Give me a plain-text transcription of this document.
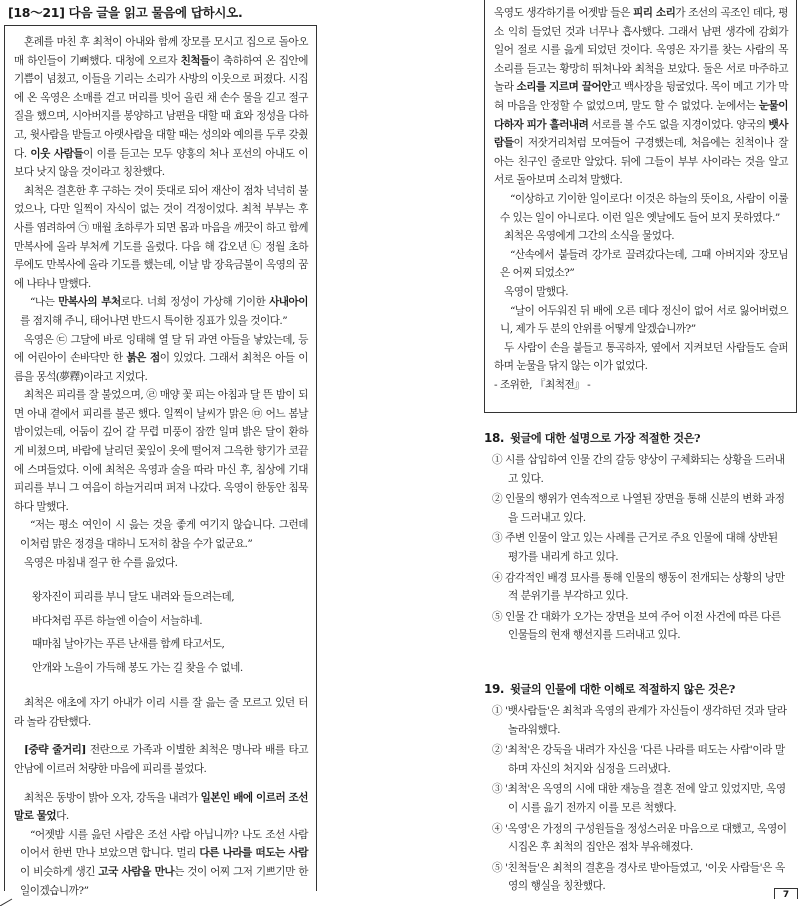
[18～21] 다음 글을 읽고 물음에 답하시오.

혼례를 마친 후 최척이 아내와 함께 장모를 모시고 집으로 돌아오매 하인들이 기뻐했다. 대청에 오르자 친척들이 축하하여 온 집안에 기쁨이 넘쳤고, 이들을 기리는 소리가 사방의 이웃으로 퍼졌다. 시집에 온 옥영은 소매를 걷고 머리를 빗어 올린 채 손수 물을 긷고 절구질을 했으며, 시아버지를 봉양하고 남편을 대할 때 효와 정성을 다하고, 윗사람을 받들고 아랫사람을 대할 때는 성의와 예의를 두루 갖췄다. 이웃 사람들이 이를 듣고는 모두 양홍의 처나 포선의 아내도 이보다 낫지 않을 것이라고 칭찬했다.

최척은 결혼한 후 구하는 것이 뜻대로 되어 재산이 점차 넉넉히 불었으나, 다만 일찍이 자식이 없는 것이 걱정이었다. 최척 부부는 후사를 염려하여 ㉠ 매월 초하루가 되면 몸과 마음을 깨끗이 하고 함께 만복사에 올라 부처께 기도를 올렸다. 다음 해 갑오년 ㉡ 정월 초하루에도 만복사에 올라 기도를 했는데, 이날 밤 장육금불이 옥영의 꿈에 나타나 말했다.

“나는 만복사의 부처로다. 너희 정성이 가상해 기이한 사내아이를 점지해 주니, 태어나면 반드시 특이한 징표가 있을 것이다.”

옥영은 ㉢ 그달에 바로 잉태해 열 달 뒤 과연 아들을 낳았는데, 등에 어린아이 손바닥만 한 붉은 점이 있었다. 그래서 최척은 아들 이름을 몽석(夢釋)이라고 지었다.

최척은 피리를 잘 불었으며, ㉣ 매양 꽃 피는 아침과 달 뜬 밤이 되면 아내 곁에서 피리를 불곤 했다. 일찍이 날씨가 맑은 ㉤ 어느 봄날 밤이었는데, 어둠이 깊어 갈 무렵 미풍이 잠깐 일며 밝은 달이 환하게 비쳤으며, 바람에 날리던 꽃잎이 옷에 떨어져 그윽한 향기가 코끝에 스며들었다. 이에 최척은 옥영과 술을 따라 마신 후, 침상에 기대 피리를 부니 그 여음이 하늘거리며 퍼져 나갔다. 옥영이 한동안 침묵하다 말했다.

“저는 평소 여인이 시 읊는 것을 좋게 여기지 않습니다. 그런데 이처럼 맑은 정경을 대하니 도저히 참을 수가 없군요.”

옥영은 마침내 절구 한 수를 읊었다.

왕자진이 피리를 부니 달도 내려와 들으려는데,
바다처럼 푸른 하늘엔 이슬이 서늘하네.
때마침 날아가는 푸른 난새를 함께 타고서도,
안개와 노을이 가득해 봉도 가는 길 찾을 수 없네.

최척은 애초에 자기 아내가 이리 시를 잘 읊는 줄 모르고 있던 터라 놀라 감탄했다.

[중략 줄거리] 전란으로 가족과 이별한 최척은 명나라 배를 타고 안남에 이르러 처량한 마음에 피리를 불었다.

최척은 동방이 밝아 오자, 강독을 내려가 일본인 배에 이르러 조선말로 물었다.

“어젯밤 시를 읊던 사람은 조선 사람 아닙니까? 나도 조선 사람이어서 한번 만나 보았으면 합니다. 멀리 다른 나라를 떠도는 사람이 비슷하게 생긴 고국 사람을 만나는 것이 어찌 그저 기쁘기만 한 일이겠습니까?”

옥영도 생각하기를 어젯밤 들은 피리 소리가 조선의 곡조인 데다, 평소 익히 들었던 것과 너무나 흡사했다. 그래서 남편 생각에 감회가 일어 절로 시를 읊게 되었던 것이다. 옥영은 자기를 찾는 사람의 목소리를 듣고는 황망히 뛰쳐나와 최척을 보았다. 둘은 서로 마주하고 놀라 소리를 지르며 끌어안고 백사장을 뒹굴었다. 목이 메고 기가 막혀 마음을 안정할 수 없었으며, 말도 할 수 없었다. 눈에서는 눈물이 다하자 피가 흘러내려 서로를 볼 수도 없을 지경이었다. 양국의 뱃사람들이 저잣거리처럼 모여들어 구경했는데, 처음에는 친척이나 잘 아는 친구인 줄로만 알았다. 뒤에 그들이 부부 사이라는 것을 알고 서로 돌아보며 소리쳐 말했다.

“이상하고 기이한 일이로다! 이것은 하늘의 뜻이요, 사람이 이룰 수 있는 일이 아니로다. 이런 일은 옛날에도 들어 보지 못하였다.”

최척은 옥영에게 그간의 소식을 물었다.

“산속에서 붙들려 강가로 끌려갔다는데, 그때 아버지와 장모님은 어찌 되었소?”

옥영이 말했다.

“날이 어두워진 뒤 배에 오른 데다 정신이 없어 서로 잃어버렸으니, 제가 두 분의 안위를 어떻게 알겠습니까?”

두 사람이 손을 붙들고 통곡하자, 옆에서 지켜보던 사람들도 슬퍼하며 눈물을 닦지 않는 이가 없었다.

- 조위한, 『최척전』 -

18. 윗글에 대한 설명으로 가장 적절한 것은?

① 시를 삽입하여 인물 간의 갈등 양상이 구체화되는 상황을 드러내고 있다.
② 인물의 행위가 연속적으로 나열된 장면을 통해 신분의 변화 과정을 드러내고 있다.
③ 주변 인물이 알고 있는 사례를 근거로 주요 인물에 대해 상반된 평가를 내리게 하고 있다.
④ 감각적인 배경 묘사를 통해 인물의 행동이 전개되는 상황의 낭만적 분위기를 부각하고 있다.
⑤ 인물 간 대화가 오가는 장면을 보여 주어 이전 사건에 따른 다른 인물들의 현재 행선지를 드러내고 있다.

19. 윗글의 인물에 대한 이해로 적절하지 않은 것은?

① '뱃사람들'은 최척과 옥영의 관계가 자신들이 생각하던 것과 달라 놀라워했다.
② '최척'은 강둑을 내려가 자신을 '다른 나라를 떠도는 사람'이라 말하며 자신의 처지와 심정을 드러냈다.
③ '최척'은 옥영의 시에 대한 재능을 결혼 전에 알고 있었지만, 옥영이 시를 읊기 전까지 이를 모른 척했다.
④ '옥영'은 가정의 구성원들을 정성스러운 마음으로 대했고, 옥영이 시집온 후 최척의 집안은 점차 부유해졌다.
⑤ '친척들'은 최척의 결혼을 경사로 받아들였고, '이웃 사람들'은 옥영의 행실을 칭찬했다.
7
